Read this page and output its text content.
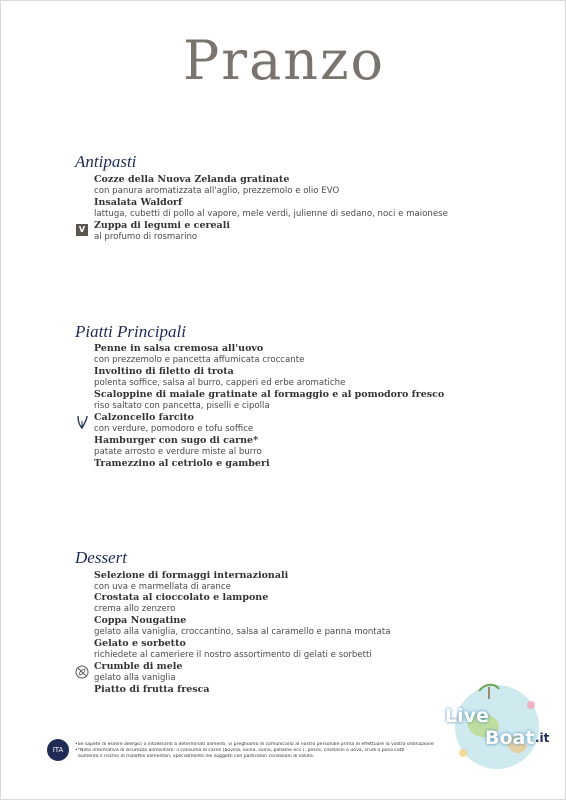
Pranzo
Antipasti
Cozze della Nuova Zelanda gratinate
con panura aromatizzata all'aglio, prezzemolo e olio EVO
Insalata Waldorf
lattuga, cubetti di pollo al vapore, mele verdi, julienne di sedano, noci e maionese
V Zuppa di legumi e cereali
al profumo di rosmarino
Piatti Principali
Penne in salsa cremosa all'uovo
con prezzemolo e pancetta affumicata croccante
Involtino di filetto di trota
polenta soffice, salsa al burro, capperi ed erbe aromatiche
Scaloppine di maiale gratinate al formaggio e al pomodoro fresco
riso saltato con pancetta, piselli e cipolla
Calzoncello farcito
con verdure, pomodoro e tofu soffice
Hamburger con sugo di carne*
patate arrosto e verdure miste al burro
Tramezzino al cetriolo e gamberi
Dessert
Selezione di formaggi internazionali
con uva e marmellata di arance
Crostata al cioccolato e lampone
crema allo zenzero
Coppa Nougatine
gelato alla vaniglia, croccantino, salsa al caramello e panna montata
Gelato e sorbetto
richiedete al cameriere il nostro assortimento di gelati e sorbetti
Crumble di mele
gelato alla vaniglia
Piatto di frutta fresca
ITA
•Se sapete di essere allergici o intolleranti a determinati alimenti, vi preghiamo di comunicarlo al nostro personale prima di effettuare la vostra ordinazione
•*Nota informativa di sicurezza alimentare: il consumo di carne (bovina, ovina, suina, pollame ecc.), pesce, crostacei o uova, crudi o poco cotti
aumenta il rischio di malattie alimentari, specialmente nei soggetti con particolari condizioni di salute.
Live
Boat .it
